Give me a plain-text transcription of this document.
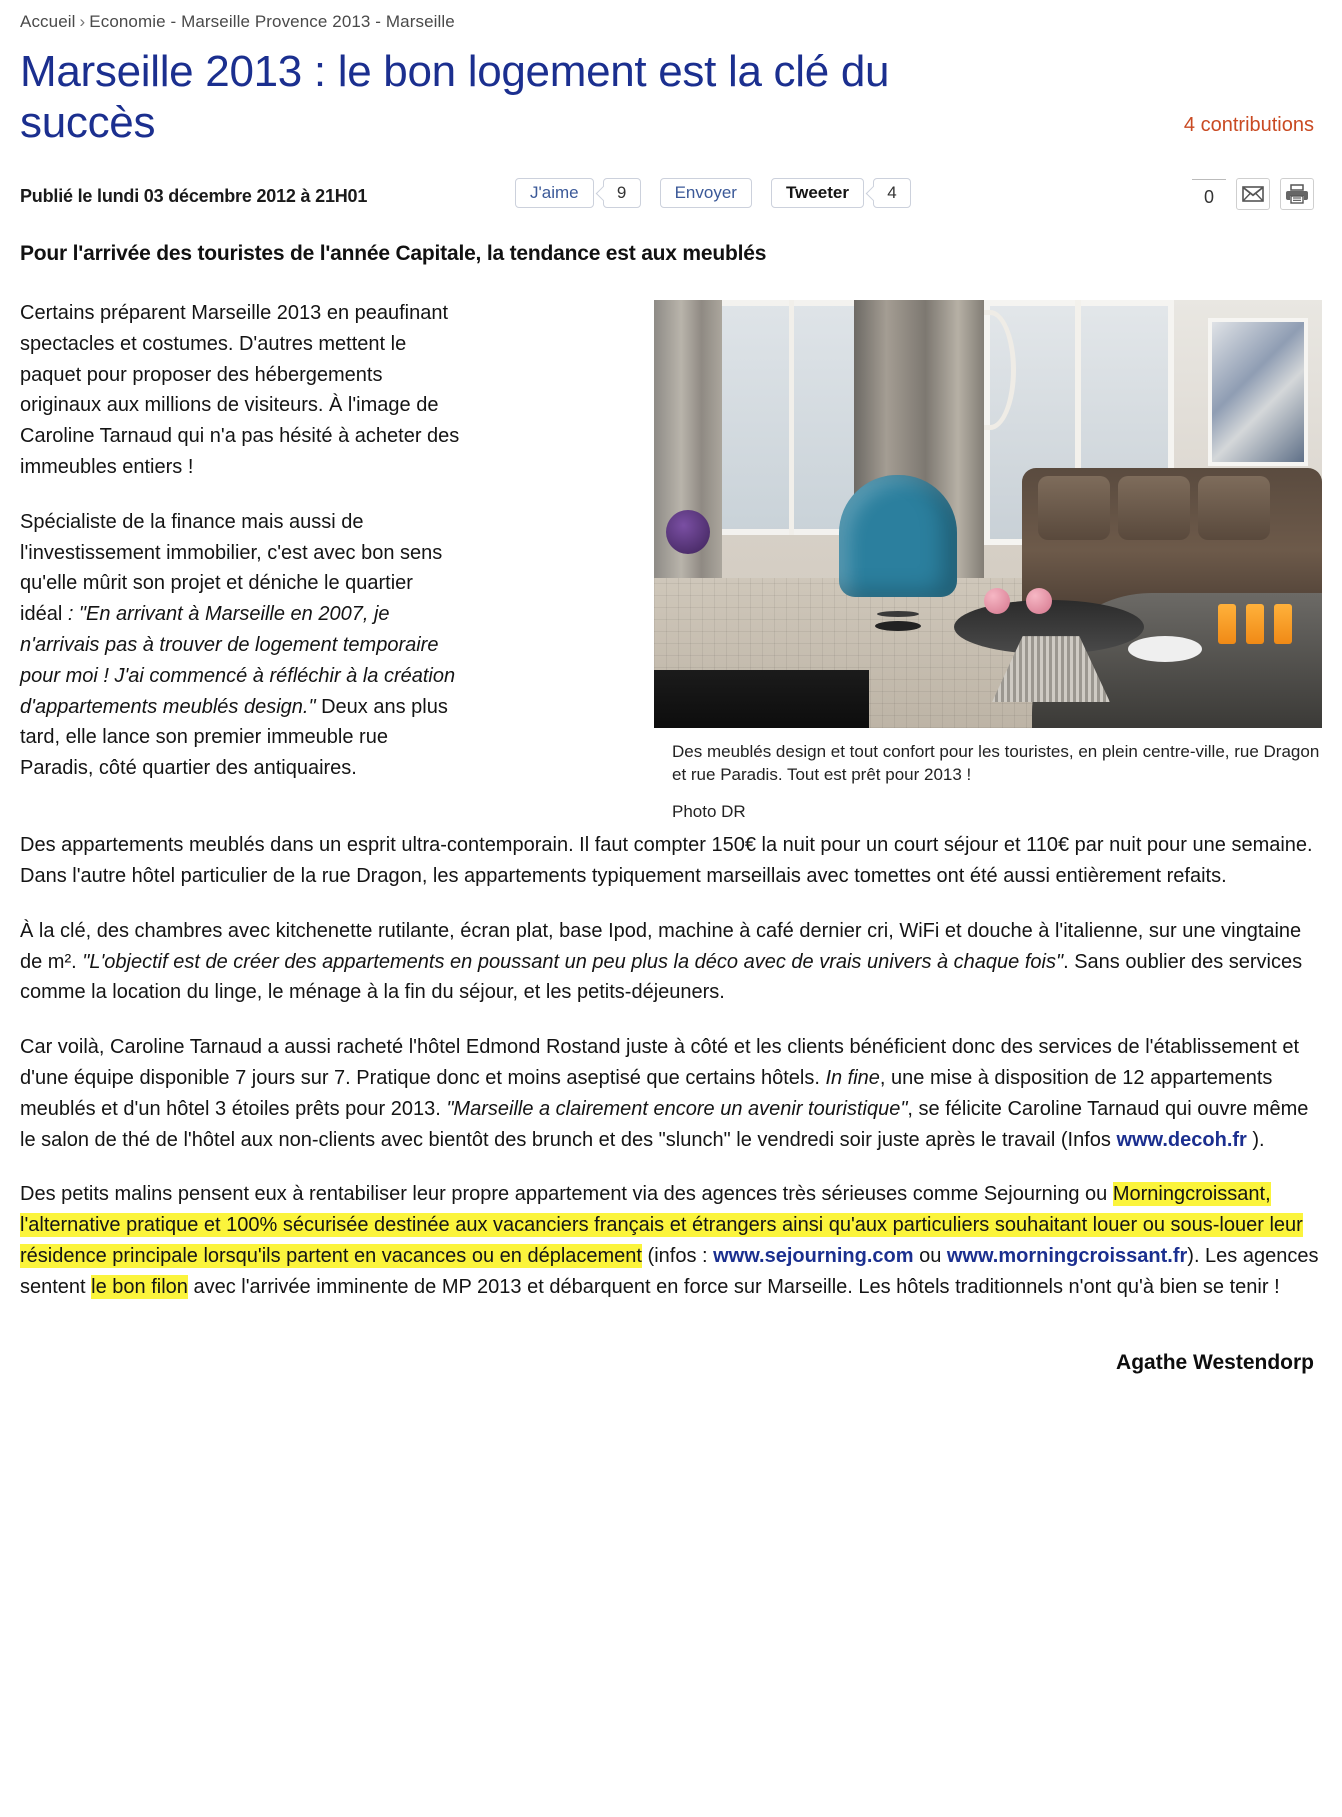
Accueil › Economie - Marseille Provence 2013 - Marseille
Marseille 2013 : le bon logement est la clé du succès	4 contributions
Publié le lundi 03 décembre 2012 à 21H01	J'aime	9	Envoyer	Tweeter	4	0
Pour l'arrivée des touristes de l'année Capitale, la tendance est aux meublés
Des meublés design et tout confort pour les touristes, en plein centre-ville, rue Dragon et rue Paradis. Tout est prêt pour 2013 !
Photo DR

Certains préparent Marseille 2013 en peaufinant spectacles et costumes. D'autres mettent le paquet pour proposer des hébergements originaux aux millions de visiteurs. À l'image de Caroline Tarnaud qui n'a pas hésité à acheter des immeubles entiers !

Spécialiste de la finance mais aussi de l'investissement immobilier, c'est avec bon sens qu'elle mûrit son projet et déniche le quartier idéal : "En arrivant à Marseille en 2007, je n'arrivais pas à trouver de logement temporaire pour moi ! J'ai commencé à réfléchir à la création d'appartements meublés design." Deux ans plus tard, elle lance son premier immeuble rue Paradis, côté quartier des antiquaires.

Des appartements meublés dans un esprit ultra-contemporain. Il faut compter 150€ la nuit pour un court séjour et 110€ par nuit pour une semaine. Dans l'autre hôtel particulier de la rue Dragon, les appartements typiquement marseillais avec tomettes ont été aussi entièrement refaits.

À la clé, des chambres avec kitchenette rutilante, écran plat, base Ipod, machine à café dernier cri, WiFi et douche à l'italienne, sur une vingtaine de m². "L'objectif est de créer des appartements en poussant un peu plus la déco avec de vrais univers à chaque fois". Sans oublier des services comme la location du linge, le ménage à la fin du séjour, et les petits-déjeuners.

Car voilà, Caroline Tarnaud a aussi racheté l'hôtel Edmond Rostand juste à côté et les clients bénéficient donc des services de l'établissement et d'une équipe disponible 7 jours sur 7. Pratique donc et moins aseptisé que certains hôtels. In fine, une mise à disposition de 12 appartements meublés et d'un hôtel 3 étoiles prêts pour 2013. "Marseille a clairement encore un avenir touristique", se félicite Caroline Tarnaud qui ouvre même le salon de thé de l'hôtel aux non-clients avec bientôt des brunch et des "slunch" le vendredi soir juste après le travail (Infos www.decoh.fr ).

Des petits malins pensent eux à rentabiliser leur propre appartement via des agences très sérieuses comme Sejourning ou Morningcroissant, l'alternative pratique et 100% sécurisée destinée aux vacanciers français et étrangers ainsi qu'aux particuliers souhaitant louer ou sous-louer leur résidence principale lorsqu'ils partent en vacances ou en déplacement (infos : www.sejourning.com ou www.morningcroissant.fr). Les agences sentent le bon filon avec l'arrivée imminente de MP 2013 et débarquent en force sur Marseille. Les hôtels traditionnels n'ont qu'à bien se tenir !

Agathe Westendorp
